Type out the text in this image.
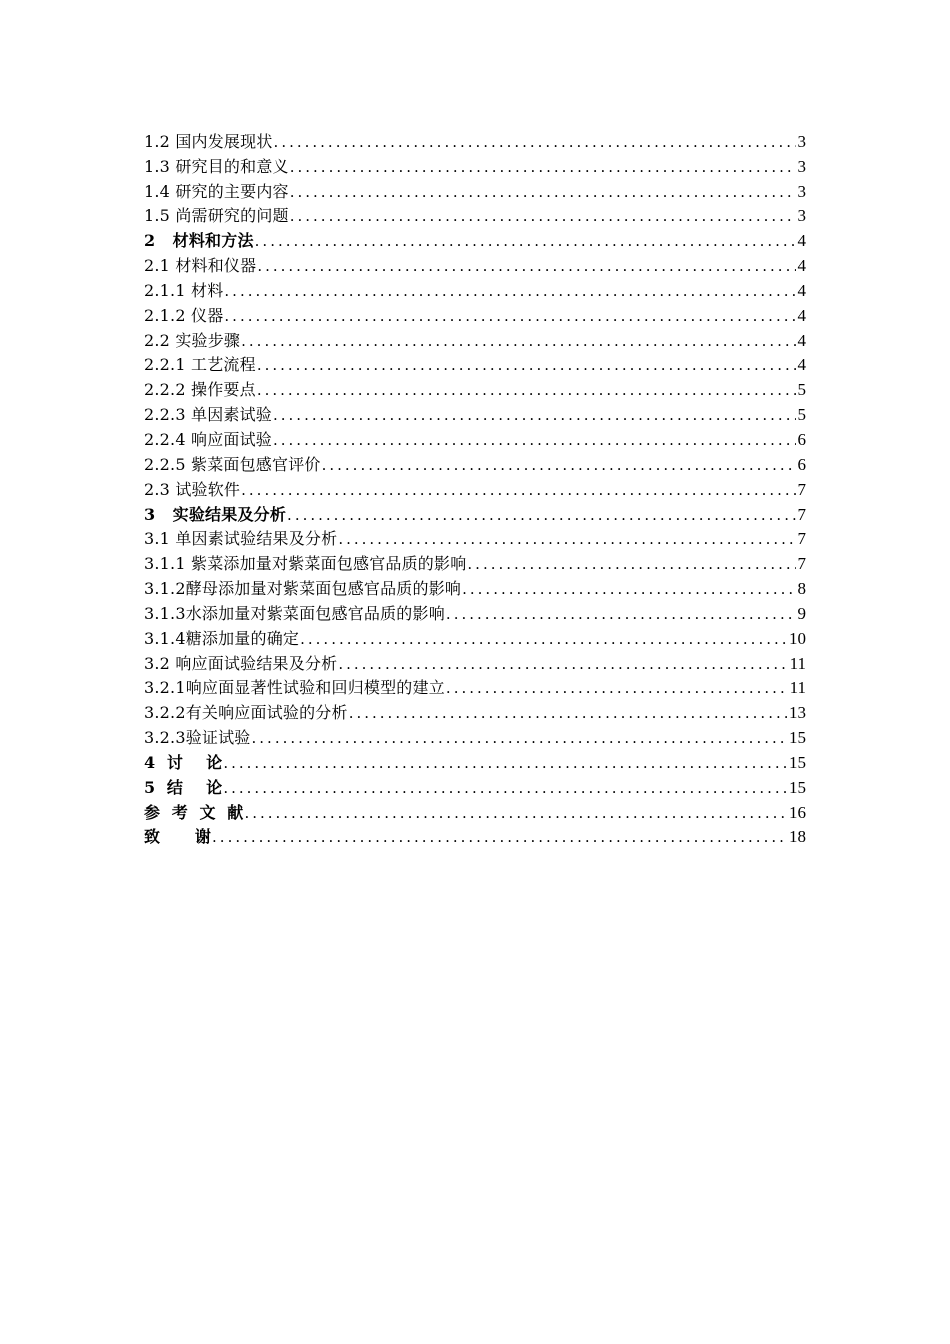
1.2 国内发展现状 .....	3
1.3 研究目的和意义 .....	3
1.4 研究的主要内容 .....	3
1.5 尚需研究的问题 .....	3
2   材料和方法 .....	4
2.1 材料和仪器 .....	4
2.1.1 材料 .....	4
2.1.2 仪器 .....	4
2.2 实验步骤 .....	4
2.2.1 工艺流程 .....	4
2.2.2 操作要点 .....	5
2.2.3 单因素试验 .....	5
2.2.4 响应面试验 .....	6
2.2.5 紫菜面包感官评价 .....	6
2.3 试验软件 .....	7
3   实验结果及分析 .....	7
3.1 单因素试验结果及分析 .....	7
3.1.1 紫菜添加量对紫菜面包感官品质的影响 .....	7
3.1.2酵母添加量对紫菜面包感官品质的影响 .....	8
3.1.3水添加量对紫菜面包感官品质的影响 .....	9
3.1.4糖添加量的确定 .....	10
3.2 响应面试验结果及分析 .....	11
3.2.1响应面显著性试验和回归模型的建立 .....	11
3.2.2有关响应面试验的分析 .....	13
3.2.3验证试验 .....	15
4  讨    论 .....	15
5  结    论 .....	15
参  考  文  献 .....	16
致      谢 .....	18
